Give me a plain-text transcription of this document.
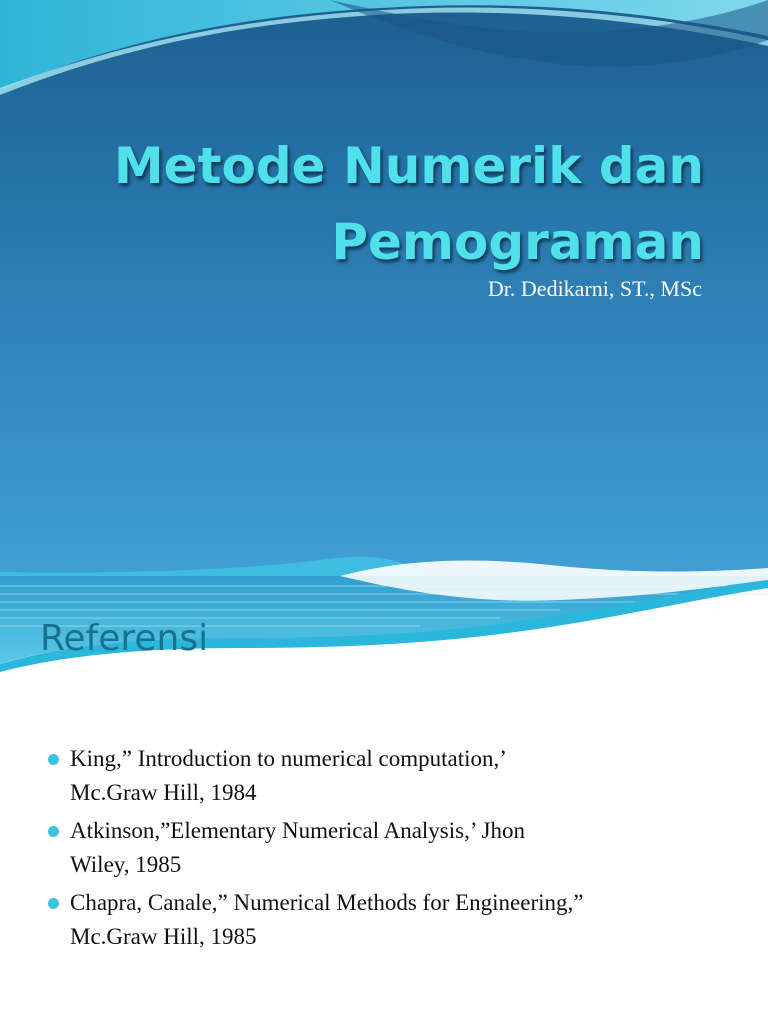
Metode Numerik dan
Pemograman

Dr. Dedikarni, ST., MSc

Referensi
King,” Introduction to numerical computation,’
Mc.Graw Hill, 1984
Atkinson,”Elementary Numerical Analysis,’ Jhon
Wiley, 1985
Chapra, Canale,” Numerical Methods for Engineering,”
Mc.Graw Hill, 1985
